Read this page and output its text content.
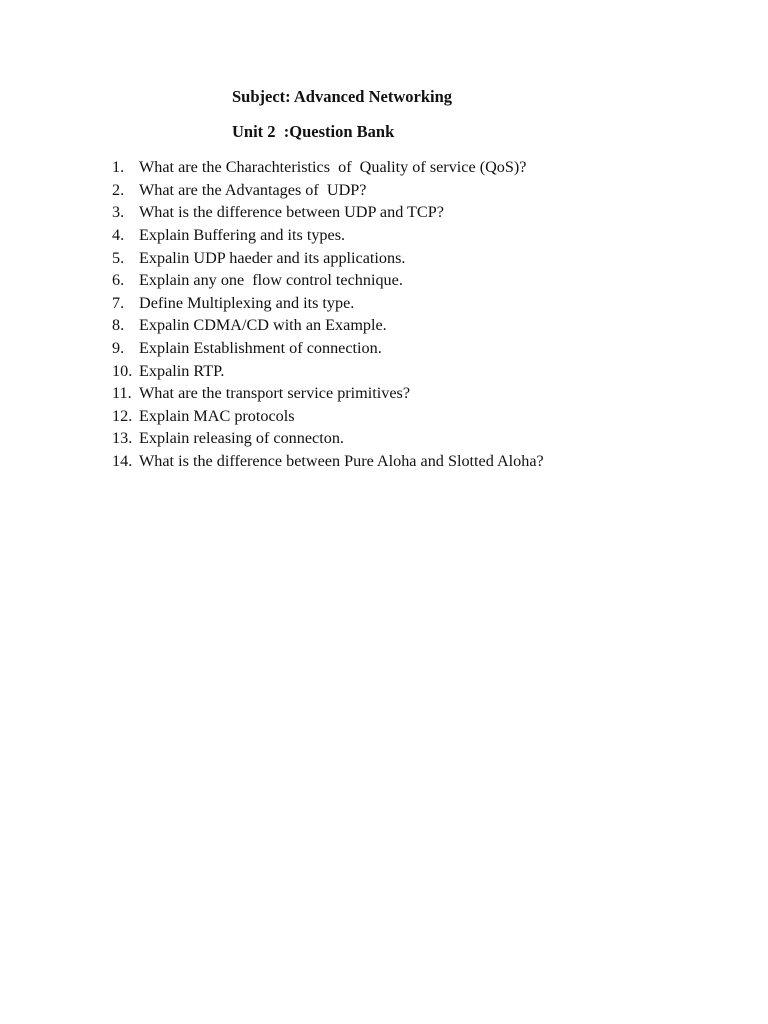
Subject: Advanced Networking
Unit 2  :Question Bank
1. What are the Charachteristics  of  Quality of service (QoS)?
2. What are the Advantages of  UDP?
3. What is the difference between UDP and TCP?
4. Explain Buffering and its types.
5. Expalin UDP haeder and its applications.
6. Explain any one  flow control technique.
7. Define Multiplexing and its type.
8. Expalin CDMA/CD with an Example.
9. Explain Establishment of connection.
10. Expalin RTP.
11. What are the transport service primitives?
12. Explain MAC protocols
13. Explain releasing of connecton.
14. What is the difference between Pure Aloha and Slotted Aloha?
